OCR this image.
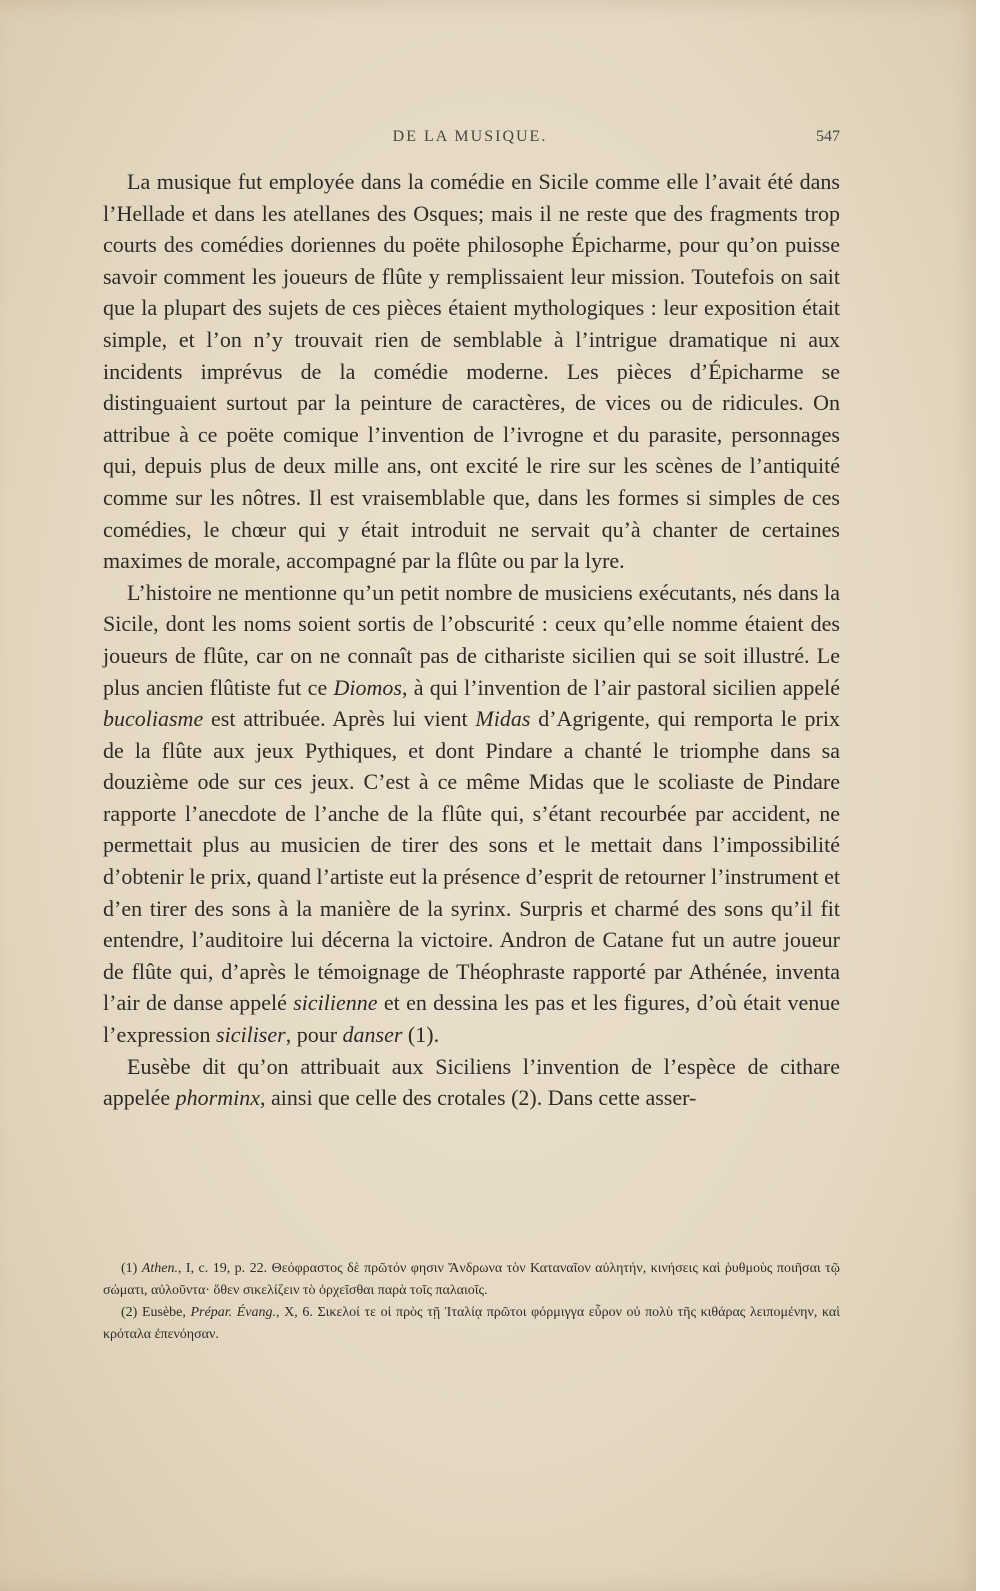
DE LA MUSIQUE.	547

La musique fut employée dans la comédie en Sicile comme elle l’avait été dans l’Hellade et dans les atellanes des Osques; mais il ne reste que des fragments trop courts des comédies doriennes du poëte philosophe Épicharme, pour qu’on puisse savoir comment les joueurs de flûte y remplissaient leur mission. Toutefois on sait que la plupart des sujets de ces pièces étaient mythologiques : leur exposition était simple, et l’on n’y trouvait rien de semblable à l’intrigue dramatique ni aux incidents imprévus de la comédie moderne. Les pièces d’Épicharme se distinguaient surtout par la peinture de caractères, de vices ou de ridicules. On attribue à ce poëte comique l’invention de l’ivrogne et du parasite, personnages qui, depuis plus de deux mille ans, ont excité le rire sur les scènes de l’antiquité comme sur les nôtres. Il est vraisemblable que, dans les formes si simples de ces comédies, le chœur qui y était introduit ne servait qu’à chanter de certaines maximes de morale, accompagné par la flûte ou par la lyre.

L’histoire ne mentionne qu’un petit nombre de musiciens exécutants, nés dans la Sicile, dont les noms soient sortis de l’obscurité : ceux qu’elle nomme étaient des joueurs de flûte, car on ne connaît pas de cithariste sicilien qui se soit illustré. Le plus ancien flûtiste fut ce Diomos, à qui l’invention de l’air pastoral sicilien appelé bucoliasme est attribuée. Après lui vient Midas d’Agrigente, qui remporta le prix de la flûte aux jeux Pythiques, et dont Pindare a chanté le triomphe dans sa douzième ode sur ces jeux. C’est à ce même Midas que le scoliaste de Pindare rapporte l’anecdote de l’anche de la flûte qui, s’étant recourbée par accident, ne permettait plus au musicien de tirer des sons et le mettait dans l’impossibilité d’obtenir le prix, quand l’artiste eut la présence d’esprit de retourner l’instrument et d’en tirer des sons à la manière de la syrinx. Surpris et charmé des sons qu’il fit entendre, l’auditoire lui décerna la victoire. Andron de Catane fut un autre joueur de flûte qui, d’après le témoignage de Théophraste rapporté par Athénée, inventa l’air de danse appelé sicilienne et en dessina les pas et les figures, d’où était venue l’expression siciliser, pour danser (1).

Eusèbe dit qu’on attribuait aux Siciliens l’invention de l’espèce de cithare appelée phorminx, ainsi que celle des crotales (2). Dans cette asser-

(1) Athen., I, c. 19, p. 22. Θεόφραστος δὲ πρῶτόν φησιν Ἄνδρωνα τὸν Καταναῖον αὐλητήν, κινήσεις καὶ ῥυθμοὺς ποιῆσαι τῷ σώματι, αὐλοῦντα· ὅθεν σικελίζειν τὸ ὀρχεῖσθαι παρὰ τοῖς παλαιοῖς.

(2) Eusèbe, Prépar. Évang., X, 6. Σικελοί τε οἱ πρὸς τῇ Ἰταλίᾳ πρῶτοι φόρμιγγα εὗρον οὐ πολὺ τῆς κιθάρας λειπομένην, καὶ κρόταλα ἐπενόησαν.
